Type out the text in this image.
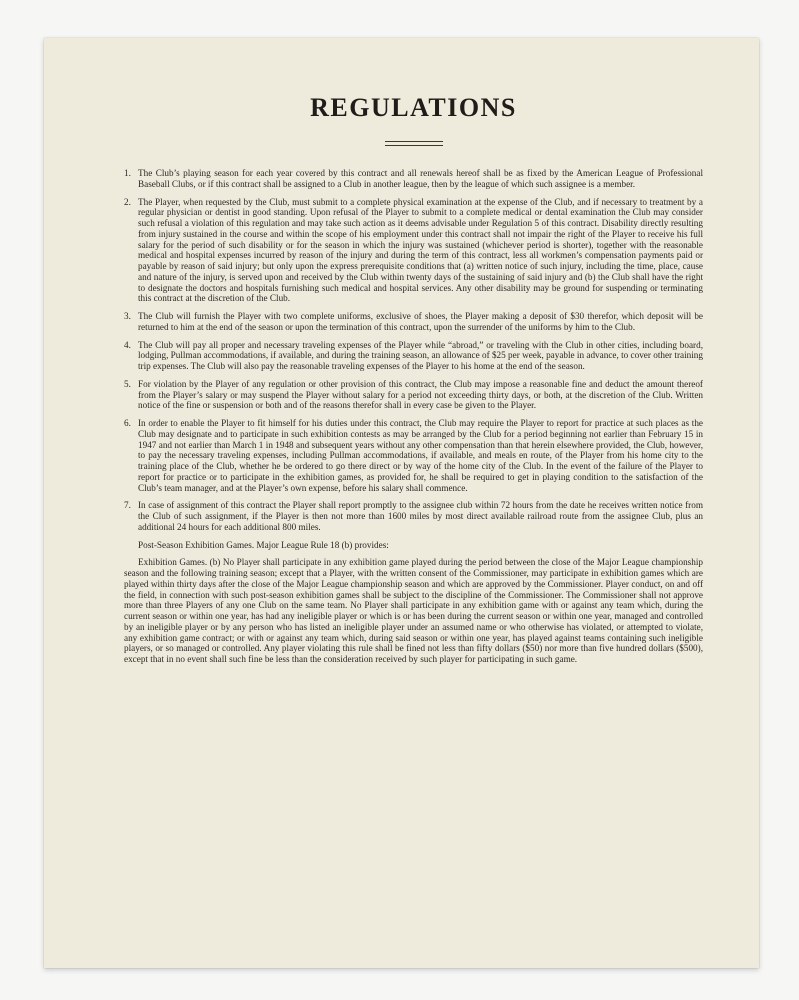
REGULATIONS
1. The Club’s playing season for each year covered by this contract and all renewals hereof shall be as fixed by the American League of Professional Baseball Clubs, or if this contract shall be assigned to a Club in another league, then by the league of which such assignee is a member.
2. The Player, when requested by the Club, must submit to a complete physical examination at the expense of the Club, and if necessary to treatment by a regular physician or dentist in good standing. Upon refusal of the Player to submit to a complete medical or dental examination the Club may consider such refusal a violation of this regulation and may take such action as it deems advisable under Regulation 5 of this contract. Disability directly resulting from injury sustained in the course and within the scope of his employment under this contract shall not impair the right of the Player to receive his full salary for the period of such disability or for the season in which the injury was sustained (whichever period is shorter), together with the reasonable medical and hospital expenses incurred by reason of the injury and during the term of this contract, less all workmen’s compensation payments paid or payable by reason of said injury; but only upon the express prerequisite conditions that (a) written notice of such injury, including the time, place, cause and nature of the injury, is served upon and received by the Club within twenty days of the sustaining of said injury and (b) the Club shall have the right to designate the doctors and hospitals furnishing such medical and hospital services. Any other disability may be ground for suspending or terminating this contract at the discretion of the Club.
3. The Club will furnish the Player with two complete uniforms, exclusive of shoes, the Player making a deposit of $30 therefor, which deposit will be returned to him at the end of the season or upon the termination of this contract, upon the surrender of the uniforms by him to the Club.
4. The Club will pay all proper and necessary traveling expenses of the Player while “abroad,” or traveling with the Club in other cities, including board, lodging, Pullman accommodations, if available, and during the training season, an allowance of $25 per week, payable in advance, to cover other training trip expenses. The Club will also pay the reasonable traveling expenses of the Player to his home at the end of the season.
5. For violation by the Player of any regulation or other provision of this contract, the Club may impose a reasonable fine and deduct the amount thereof from the Player’s salary or may suspend the Player without salary for a period not exceeding thirty days, or both, at the discretion of the Club. Written notice of the fine or suspension or both and of the reasons therefor shall in every case be given to the Player.
6. In order to enable the Player to fit himself for his duties under this contract, the Club may require the Player to report for practice at such places as the Club may designate and to participate in such exhibition contests as may be arranged by the Club for a period beginning not earlier than February 15 in 1947 and not earlier than March 1 in 1948 and subsequent years without any other compensation than that herein elsewhere provided, the Club, however, to pay the necessary traveling expenses, including Pullman accommodations, if available, and meals en route, of the Player from his home city to the training place of the Club, whether he be ordered to go there direct or by way of the home city of the Club. In the event of the failure of the Player to report for practice or to participate in the exhibition games, as provided for, he shall be required to get in playing condition to the satisfaction of the Club’s team manager, and at the Player’s own expense, before his salary shall commence.
7. In case of assignment of this contract the Player shall report promptly to the assignee club within 72 hours from the date he receives written notice from the Club of such assignment, if the Player is then not more than 1600 miles by most direct available railroad route from the assignee Club, plus an additional 24 hours for each additional 800 miles.

Post-Season Exhibition Games. Major League Rule 18 (b) provides:

Exhibition Games. (b) No Player shall participate in any exhibition game played during the period between the close of the Major League championship season and the following training season; except that a Player, with the written consent of the Commissioner, may participate in exhibition games which are played within thirty days after the close of the Major League championship season and which are approved by the Commissioner. Player conduct, on and off the field, in connection with such post-season exhibition games shall be subject to the discipline of the Commissioner. The Commissioner shall not approve more than three Players of any one Club on the same team. No Player shall participate in any exhibition game with or against any team which, during the current season or within one year, has had any ineligible player or which is or has been during the current season or within one year, managed and controlled by an ineligible player or by any person who has listed an ineligible player under an assumed name or who otherwise has violated, or attempted to violate, any exhibition game contract; or with or against any team which, during said season or within one year, has played against teams containing such ineligible players, or so managed or controlled. Any player violating this rule shall be fined not less than fifty dollars ($50) nor more than five hundred dollars ($500), except that in no event shall such fine be less than the consideration received by such player for participating in such game.
